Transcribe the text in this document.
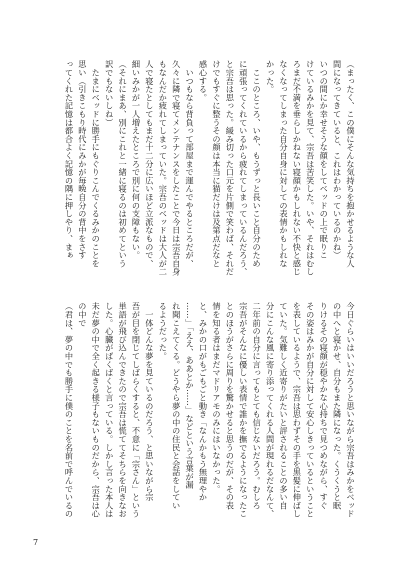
（まったく、この僕にそんな気持ちを抱かせるような人

間になってきていると、これはわかっているのかね）

いつの間にか幸せそうな顔をしてベッドの上で眠りこ

けているみかを見て、宗吾は苦笑した。いや、それはむし

ろまだ不満を垂らしかねない寝顔かもしれない不快と感じ

なくなってしまった自分自身に対しての表情かもしれな

かった。

　ここのところ、いや、もうずっと長いこと自分のため

に頑張ってくれているから疲れてしまっているんだろう、

と宗吾は思った。緩み切った口元を片側で笑わば、それだ

けでもすぐに整うその顔は本当に猫だけは及第点だなと

感心する。

　いつもなら背負って部屋まで運んでやるところだが、

久々に隣で寝てメンテナンスをしたことで今日は宗吾自身

もなんだか疲れてしまっていた。宗吾のベッドは大人が二

人で寝たとしてもまだ十二分に広いほど立派なもので、

細いみかが一人増えたところで別に何の支障もない。

（それにまあ、別にこれと一緒に寝るのは初めてという

訳でもないしね）

　たまにベッドに勝手にもぐりこんでくるみかのことを

思い（引きこもり時代にみかが毎晩自分の背中をさす

ってくれた記憶は都合よく記憶の隅に押しやり、まぁ

今日ぐらいはいいだろうと思いながら宗吾はみかをベッド

の中へと寝かせ、自分もまた隣になった。くうくうと眠

りけるその寝顔が穏やかな心持ちで見つめながら、すぐ

その姿はみかが自分に対して安心しきっているということ

を表しているようで、宗吾は思わずその手を黒髪に伸ばし

ていた。気難しく近寄りがたいと評されることの多い自

分にこんな風に寄り添ってくれる人間が現れるだなんて、

二年前の自分に言ってもとても信じないだろう。むしろ

宗吾がそんなに優しい表情で誰かを撫でるようになったこ

とのほうがさらに周りを驚かせると思うのだが、その表

情を知る者はまだマドリアモのみにはいなかった。

と、みかの口がもごもごと動き「なんかもう無理やか

……」「ええ、ああとか……」などという言葉が漏

れ聞こえてくる。どうやら夢の中の住民と会話をしてい

るようだった。

　一体どんな夢を見ているのだろう、と思いながら宗

吾が目を閉じてしばらくすると、不意に「宗さん」という

単語が飛び込んできたので宗吾は慌ててそちらを向きなお

した。心臓がばくばくと言っている。しかし言った本人は

未だ夢の中で全く起きる様子もないものだから、宗吾は心

の中で

（君は、夢の中でも勝手に僕のことを名前で呼んでいるの

7
